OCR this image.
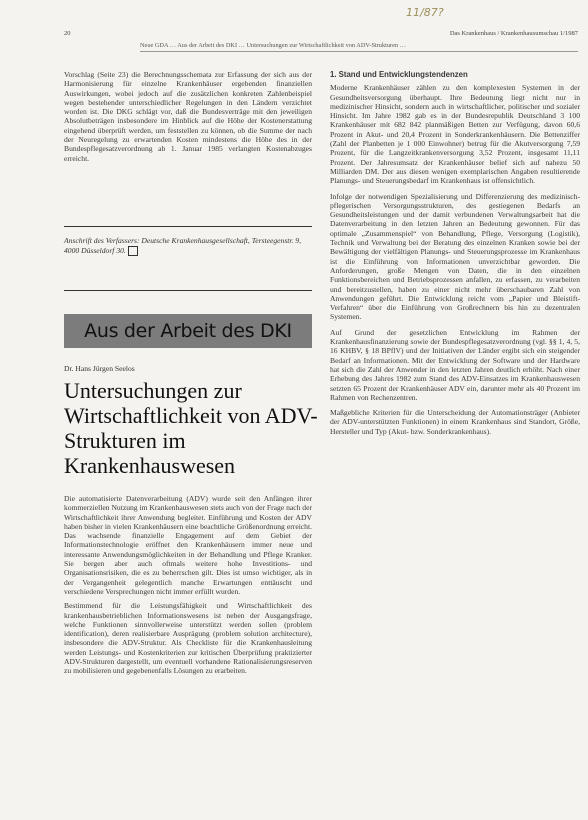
11/87?
20	Das Krankenhaus / Krankenhausumschau 1/1987
Neue GDA … Aus der Arbeit des DKI … Untersuchungen zur Wirtschaftlichkeit von ADV-Strukturen …

Vorschlag (Seite 23) die Berechnungsschemata zur Erfassung der sich aus der Harmonisierung für einzelne Krankenhäuser ergebenden finanziellen Auswirkungen, wobei jedoch auf die zusätzlichen konkreten Zahlenbeispiel wegen bestehender unterschiedlicher Regelungen in den Ländern verzichtet worden ist. Die DKG schlägt vor, daß die Bundesverträge mit den jeweiligen Absolutbeträgen insbesondere im Hinblick auf die Höhe der Kostenerstattung eingehend überprüft werden, um feststellen zu können, ob die Summe der nach der Neuregelung zu erwartenden Kosten mindestens die Höhe des in der Bundespflegesatzverordnung ab 1. Januar 1985 verlangten Kostenabzuges erreicht.

Anschrift des Verfassers: Deutsche Krankenhausgesellschaft, Tersteegenstr. 9, 4000 Düsseldorf 30.
Aus der Arbeit des DKI
Dr. Hans Jürgen Seelos
Untersuchungen zur Wirtschaftlichkeit von ADV-Strukturen im Krankenhauswesen

Die automatisierte Datenverarbeitung (ADV) wurde seit den Anfängen ihrer kommerziellen Nutzung im Krankenhauswesen stets auch von der Frage nach der Wirtschaftlichkeit ihrer Anwendung begleitet. Einführung und Kosten der ADV haben bisher in vielen Krankenhäusern eine beachtliche Größenordnung erreicht. Das wachsende finanzielle Engagement auf dem Gebiet der Informationstechnologie eröffnet den Krankenhäusern immer neue und interessante Anwendungsmöglichkeiten in der Behandlung und Pflege Kranker. Sie bergen aber auch oftmals weitere hohe Investitions- und Organisationsrisiken, die es zu beherrschen gilt. Dies ist umso wichtiger, als in der Vergangenheit gelegentlich manche Erwartungen enttäuscht und verschiedene Versprechungen nicht immer erfüllt wurden.

Bestimmend für die Leistungsfähigkeit und Wirtschaftlichkeit des krankenhausbetrieblichen Informationswesens ist neben der Ausgangsfrage, welche Funktionen sinnvollerweise unterstützt werden sollen (problem identification), deren realisierbare Ausprägung (problem solution architecture), insbesondere die ADV-Struktur. Als Checkliste für die Krankenhausleitung werden Leistungs- und Kostenkriterien zur kritischen Überprüfung praktizierter ADV-Strukturen dargestellt, um eventuell vorhandene Rationalisierungsreserven zu mobilisieren und gegebenenfalls Lösungen zu erarbeiten.

1. Stand und Entwicklungstendenzen

Moderne Krankenhäuser zählen zu den komplexesten Systemen in der Gesundheitsversorgung überhaupt. Ihre Bedeutung liegt nicht nur in medizinischer Hinsicht, sondern auch in wirtschaftlicher, politischer und sozialer Hinsicht. Im Jahre 1982 gab es in der Bundesrepublik Deutschland 3 100 Krankenhäuser mit 682 842 planmäßigen Betten zur Verfügung, davon 60,6 Prozent in Akut- und 20,4 Prozent in Sonderkrankenhäusern. Die Bettenziffer (Zahl der Planbetten je 1 000 Einwohner) betrug für die Akutversorgung 7,59 Prozent, für die Langzeitkrankenversorgung 3,52 Prozent, insgesamt 11,11 Prozent. Der Jahresumsatz der Krankenhäuser belief sich auf nahezu 50 Milliarden DM. Der aus diesen wenigen exemplarischen Angaben resultierende Planungs- und Steuerungsbedarf im Krankenhaus ist offensichtlich.

Infolge der notwendigen Spezialisierung und Differenzierung des medizinisch-pflegerischen Versorgungsstrukturen, des gestiegenen Bedarfs an Gesundheitsleistungen und der damit verbundenen Verwaltungsarbeit hat die Datenverarbeitung in den letzten Jahren an Bedeutung gewonnen. Für das optimale „Zusammenspiel“ von Behandlung, Pflege, Versorgung (Logistik), Technik und Verwaltung bei der Beratung des einzelnen Kranken sowie bei der Bewältigung der vielfältigen Planungs- und Steuerungsprozesse im Krankenhaus ist die Einführung von Informationen unverzichtbar geworden. Die Anforderungen, große Mengen von Daten, die in den einzelnen Funktionsbereichen und Betriebsprozessen anfallen, zu erfassen, zu verarbeiten und bereitzustellen, haben zu einer nicht mehr überschaubaren Zahl von Anwendungen geführt. Die Entwicklung reicht vom „Papier und Bleistift-Verfahren“ über die Einführung von Großrechnern bis hin zu dezentralen Systemen.

Auf Grund der gesetzlichen Entwicklung im Rahmen der Krankenhausfinanzierung sowie der Bundespflegesatzverordnung (vgl. §§ 1, 4, 5, 16 KHBV, § 18 BPflV) und der Initiativen der Länder ergibt sich ein steigender Bedarf an Informationen. Mit der Entwicklung der Software und der Hardware hat sich die Zahl der Anwender in den letzten Jahren deutlich erhöht. Nach einer Erhebung des Jahres 1982 zum Stand des ADV-Einsatzes im Krankenhauswesen setzten 65 Prozent der Krankenhäuser ADV ein, darunter mehr als 40 Prozent im Rahmen von Rechenzentren.

Maßgebliche Kriterien für die Unterscheidung der Automationsträger (Anbieter der ADV-unterstützten Funktionen) in einem Krankenhaus sind Standort, Größe, Hersteller und Typ (Akut- bzw. Sonderkrankenhaus).
